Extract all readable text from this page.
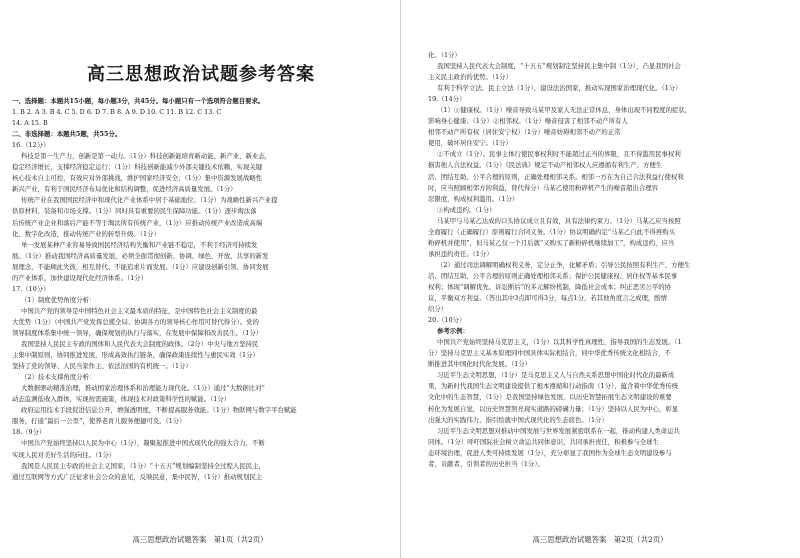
高三思想政治试题参考答案
一、选择题：本题共15小题，每小题3分，共45分。每小题只有一个选项符合题目要求。
1. B 2. A 3. B 4. C 5. D 6. D 7. B 8. A 9. D 10. C 11. B 12. C 13. C
14. A 15. B
二、非选择题：本题共5题，共55分。
16.（12分）
科技是第一生产力，创新是第一动力。（1分）科技创新能培育新动能、新产业、新业态，
稳定经济增长，支撑经济稳定运行；（1分）科技创新能减少外部关键技术依赖，实现关键
核心技术自主可控，有效应对外部挑战，维护国家经济安全；（1分）集中资源发展战略性
新兴产业，有利于国民经济布局优化和结构调整，促进经济高质量发展。（1分）
传统产业在我国国民经济中和现代化产业体系中居于基础地位；（1分）为战略性新兴产业提
供原材料、装备和市场支撑。（1分）同时具有重要的民生保障功能。（1分）逐步淘汰落
后传统产业企业和落后产能不等于淘汰所有传统产业，（1分）应推动传统产业改造成高端
化、数字化改造，推动传统产业的转型升级。（1分）
单一发展某种产业容易导致国民经济结构失衡和产业链不稳定，不利于经济可持续发
展。（1分）推动我国经济高质量发展，必须全面贯彻创新、协调、绿色、开放、共享的新发
展理念，不能顾此失彼，相互替代、不能追求片面发展。（1分）应建设创新引领、协同发展
的产业体系，加快建设现代化经济体系。（1分）
17.（10分）
（1）制度优势角度分析：
中国共产党的领导是中国特色社会主义最本质的特征，是中国特色社会主义制度的最
大优势（1分）（中国共产党发挥总揽全局、协调各方的领导核心作用可替代得分）。党的
领导制度体系集中统一领导，确保规划的执行与落实，在发展中保障和改善民生。（1分）
我国坚持人民民主专政的国体和人民代表大会制度的政体。（2分）中央与地方坚持民
主集中制原则，协同推进发展，形成高效执行链条，确保政策连续性与惠民实效（1分）
坚持了党的领导、人民当家作主、依法治国的有机统一。（1分）
（2）技术支撑角度分析：
大数据驱动精准治理，推动国家治理体系和治理能力现代化。（1分）通过“大数据比对”
动态监测低收入群体，实现按需施策，体现技术对政策科学性的赋能。（1分）
政府运用技术手段促进信息公开，增强透明度，不断提高服务效能。（1分）物联网与数字平台赋能
服务，打通“最后一公里”，使养老育儿服务便捷可及。（1分）
18.（9分）
中国共产党始终坚持以人民为中心（1分），凝聚起推进中国式现代化的强大合力，不断
实现人民对美好生活的向往。（1分）
我国是人民民主专政的社会主义国家，（1分）“十五五”规划编制坚持全过程人民民主，
通过互联网等方式广泛征求社会公众的意见，反映民意，集中民智，（1分）推动规划民主
高三思想政治试题答案　第1页（共2页）
化。（1分）
我国坚持人民代表大会制度，“十五五”规划制定坚持民主集中制（1分），凸显我国社会
主义民主政治的优势。（1分）
有利于科学立法、民主立法（1分），建设法治国家，推动实现国家治理现代化。（1分）
19.（14分）
（1）①健康权。（1分）噪音导致马某甲及家人无法正常休息，身体出现不同程度的症状，
影响身心健康；（1分）②相邻权。（1分）噪音侵害了相邻不动产所有人
相邻不动产所有权（居住安宁权）（1分）噪音妨碍相邻不动产的正常
使用，破坏居住安宁。（1分）
②不成立（1分）。民事主体行使民事权利时不能超过正当的界限，且不得滥用民事权利
损害他人合法权益。（1分）《民法典》规定不动产相邻权人应遵循有利生产、方便生
活、团结互助、公平合理的原则，正确处理相邻关系。相邻一方在为自己合法利益行使权利
时，应当照顾相邻方的利益，替代得分）马某乙使用粉碎机产生的噪音超出合理容
忍限度，构成权利滥用。（1分）
③构成违约。（1分）
马某甲与马某乙达成的口头协议成立且有效，具有法律约束力。（1分）马某乙应当按照
全面履行（正确履行）原则履行合同义务。（1分）协议明确约定“马某乙自此不得再购买
粉碎机并使用”，但马某乙仅一个月后就“又购买了新粉碎机继续加工”，构成违约，应当
承担违约责任。（1分）
（2）通过司法调解明确权利义务，定分止争，化解矛盾；引导公民按照有利生产、方便生
活、团结互助、公平合理的原则正确处理相邻关系；保护公民健康权、居住权等基本民事
权利；体现“调解优先、诉讼断后”的多元解纷机制，降低社会成本；纠正恶劣公平的协
议，平衡双方利益。（答出其中3点即可得3分，每点1分，若其他角度言之成理，酌情
给分）
20.（10分）
参考示例：
中国共产党始终坚持马克思主义，（1分）以其科学性真理性，指导我国的生态发展。（1
分）坚持马克思主义基本原理同中国具体实际相结合，同中华优秀传统文化相结合，不
断推进其中国化时代化发展。（1分）
习近平生态文明思想，（1分）是马克思主义人与自然关系思想中国化时代化的最新成
果，为新时代我国生态文明建设提供了根本遵循和行动指南（1分），蕴含着中华优秀传统
文化中的生态智慧，（1分）是我国坚持绿色发展，以历史智慧拓展生态文明建设的重要
转化为发展自觉，以历史智慧照亮现实道路的磅礴力量；（1分）坚持以人民为中心，彰显
出强大的实践伟力，指引绘就中国式现代化的生态底色。（1分）
习近平生态文明思想对推动中国发展与世界发展紧密联系在一起，推动构建人类命运共
同体。（1分）呼吁国际社会树立命运共同体意识，共同承担责任，积极参与全球生
态环境治理，促进人类可持续发展（1分），充分彰显了我国作为全球生态文明建设参与
者、贡献者、引领者的历史担当（1分）。
高三思想政治试题答案　第2页（共2页）
